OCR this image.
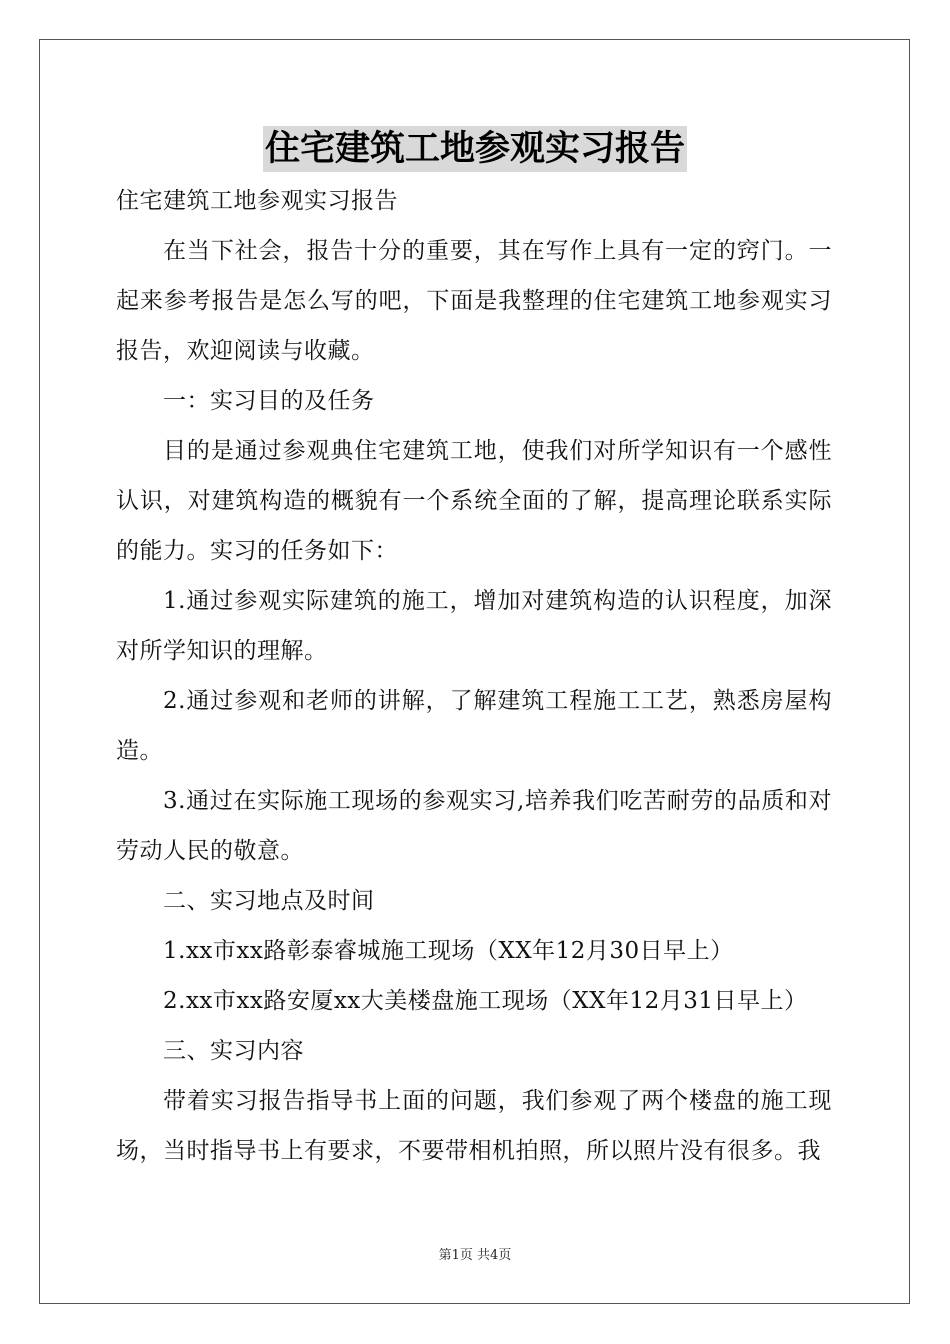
住宅建筑工地参观实习报告

住宅建筑工地参观实习报告

在当下社会，报告十分的重要，其在写作上具有一定的窍门。一起来参考报告是怎么写的吧，下面是我整理的住宅建筑工地参观实习报告，欢迎阅读与收藏。

一：实习目的及任务

目的是通过参观典住宅建筑工地，使我们对所学知识有一个感性认识，对建筑构造的概貌有一个系统全面的了解，提高理论联系实际的能力。实习的任务如下：

1.通过参观实际建筑的施工，增加对建筑构造的认识程度，加深对所学知识的理解。

2.通过参观和老师的讲解，了解建筑工程施工工艺，熟悉房屋构造。

3.通过在实际施工现场的参观实习,培养我们吃苦耐劳的品质和对劳动人民的敬意。

二、实习地点及时间

1.xx市xx路彰泰睿城施工现场（XX年12月30日早上）

2.xx市xx路安厦xx大美楼盘施工现场（XX年12月31日早上）

三、实习内容

带着实习报告指导书上面的问题，我们参观了两个楼盘的施工现场，当时指导书上有要求，不要带相机拍照，所以照片没有很多。我

第1页 共4页
